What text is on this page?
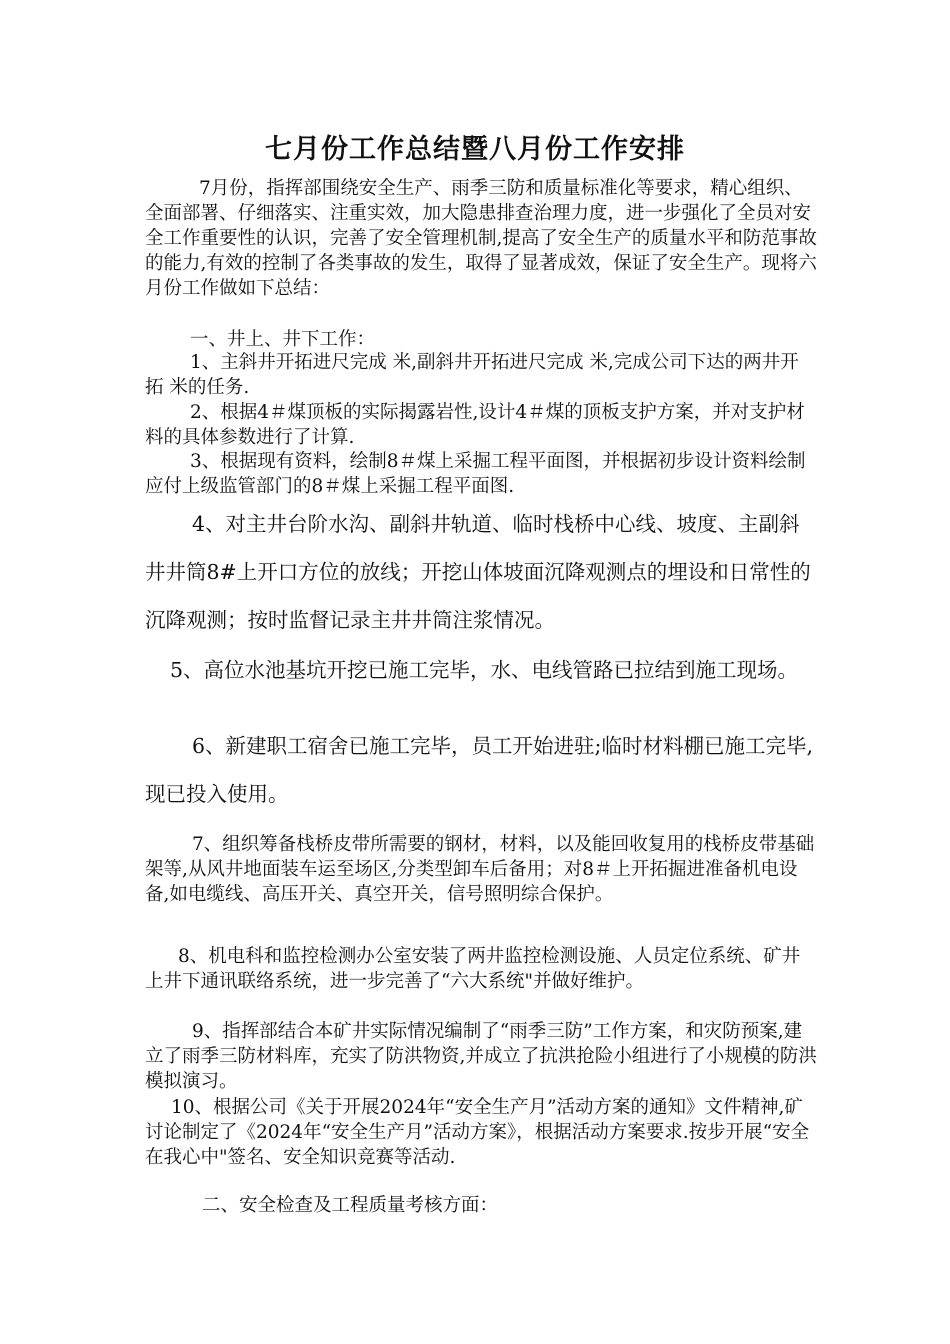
七月份工作总结暨八月份工作安排

7月份，指挥部围绕安全生产、雨季三防和质量标准化等要求，精心组织、全面部署、仔细落实、注重实效，加大隐患排查治理力度，进一步强化了全员对安全工作重要性的认识，完善了安全管理机制,提高了安全生产的质量水平和防范事故的能力,有效的控制了各类事故的发生，取得了显著成效，保证了安全生产。现将六月份工作做如下总结：

一、井上、井下工作：

1、主斜井开拓进尺完成 米,副斜井开拓进尺完成 米,完成公司下达的两井开拓 米的任务.

2、根据4＃煤顶板的实际揭露岩性,设计4＃煤的顶板支护方案，并对支护材料的具体参数进行了计算.

3、根据现有资料，绘制8＃煤上采掘工程平面图，并根据初步设计资料绘制应付上级监管部门的8＃煤上采掘工程平面图.

4、对主井台阶水沟、副斜井轨道、临时栈桥中心线、坡度、主副斜井井筒8#上开口方位的放线；开挖山体坡面沉降观测点的埋设和日常性的沉降观测；按时监督记录主井井筒注浆情况。

5、高位水池基坑开挖已施工完毕，水、电线管路已拉结到施工现场。

6、新建职工宿舍已施工完毕，员工开始进驻;临时材料棚已施工完毕,现已投入使用。

7、组织筹备栈桥皮带所需要的钢材，材料，以及能回收复用的栈桥皮带基础架等,从风井地面装车运至场区,分类型卸车后备用；对8＃上开拓掘进准备机电设备,如电缆线、高压开关、真空开关，信号照明综合保护。

8、机电科和监控检测办公室安装了两井监控检测设施、人员定位系统、矿井上井下通讯联络系统，进一步完善了“六大系统"并做好维护。

9、指挥部结合本矿井实际情况编制了“雨季三防”工作方案，和灾防预案,建立了雨季三防材料库，充实了防洪物资,并成立了抗洪抢险小组进行了小规模的防洪模拟演习。

10、根据公司《关于开展2024年“安全生产月”活动方案的通知》文件精神,矿讨论制定了《2024年“安全生产月”活动方案》，根据活动方案要求.按步开展“安全在我心中"签名、安全知识竞赛等活动.

二、安全检查及工程质量考核方面：
